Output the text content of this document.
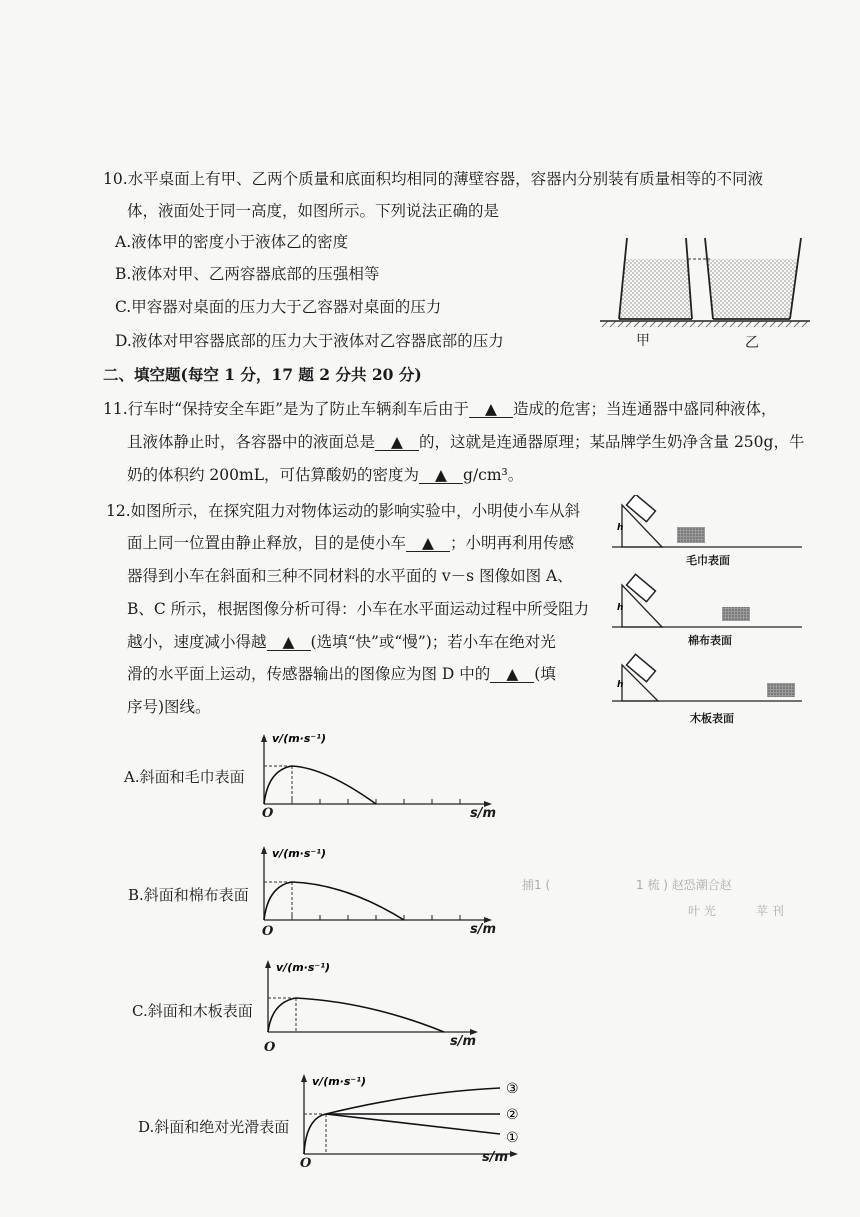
10.水平桌面上有甲、乙两个质量和底面积均相同的薄壁容器，容器内分别装有质量相等的不同液
体，液面处于同一高度，如图所示。下列说法正确的是
A.液体甲的密度小于液体乙的密度
B.液体对甲、乙两容器底部的压强相等
C.甲容器对桌面的压力大于乙容器对桌面的压力
D.液体对甲容器底部的压力大于液体对乙容器底部的压力	甲	乙
二、填空题(每空 1 分，17 题 2 分共 20 分)
11.行车时“保持安全车距”是为了防止车辆刹车后由于 ▲ 造成的危害；当连通器中盛同种液体，
且液体静止时，各容器中的液面总是 ▲ 的，这就是连通器原理；某品牌学生奶净含量 250g，牛
奶的体积约 200mL，可估算酸奶的密度为 ▲ g/cm³。
12.如图所示，在探究阻力对物体运动的影响实验中，小明使小车从斜
面上同一位置由静止释放，目的是使小车 ▲ ；小明再利用传感
器得到小车在斜面和三种不同材料的水平面的 v－s 图像如图 A、
B、C 所示，根据图像分析可得：小车在水平面运动过程中所受阻力
越小，速度减小得越 ▲ (选填“快”或“慢”)；若小车在绝对光
滑的水平面上运动，传感器输出的图像应为图 D 中的 ▲ (填
序号)图线。
h
h
h
毛巾表面
棉布表面
木板表面
A.斜面和毛巾表面
v/(m·s⁻¹)
O	s/m
B.斜面和棉布表面
v/(m·s⁻¹)
O	s/m
C.斜面和木板表面
v/(m·s⁻¹)
O	s/m
D.斜面和绝对光滑表面
v/(m·s⁻¹)	③
②
①
O	s/m
捕1 (	1 梳 ) 赵恐潮合赵
叶 光	苹 刊
